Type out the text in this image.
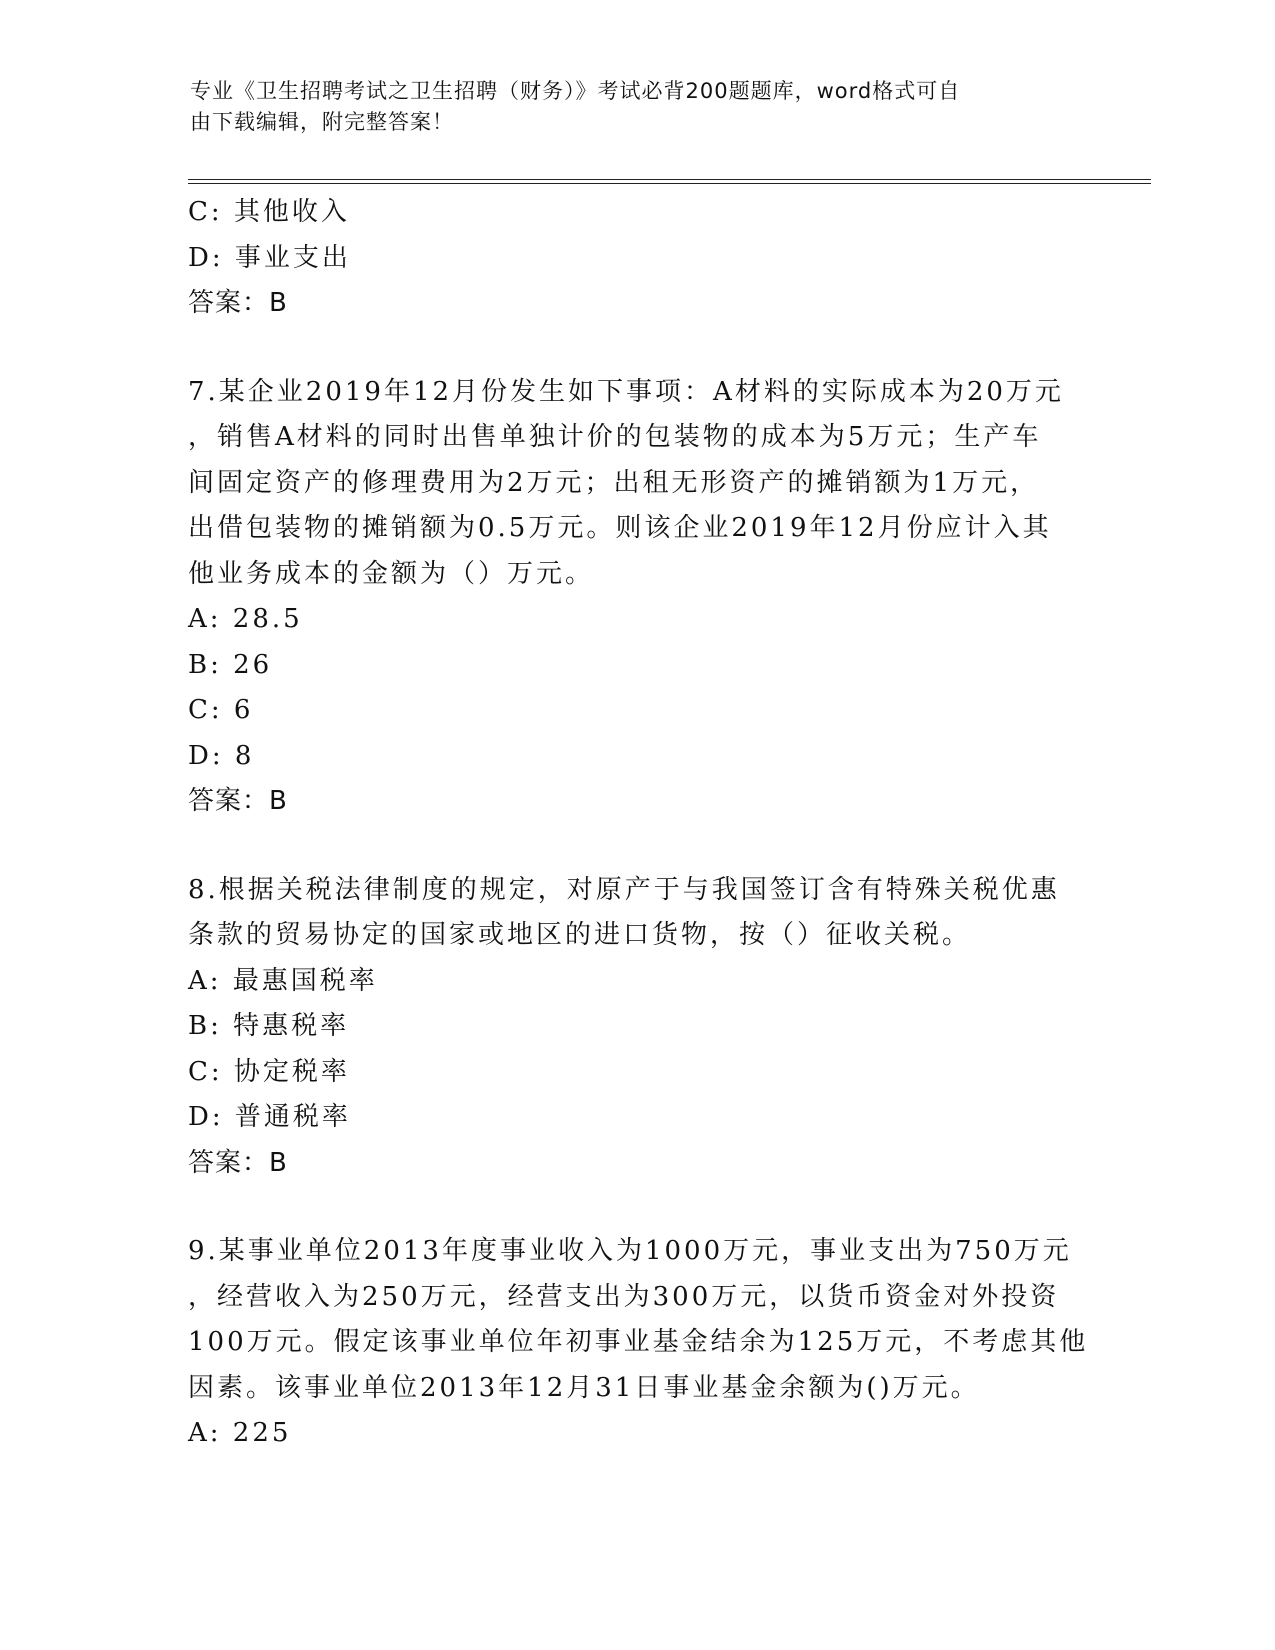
专业《卫生招聘考试之卫生招聘（财务）》考试必背200题题库，word格式可自

由下载编辑，附完整答案！

C: 其他收入

D: 事业支出

答案：B

7.某企业2019年12月份发生如下事项：A材料的实际成本为20万元

，销售A材料的同时出售单独计价的包装物的成本为5万元；生产车

间固定资产的修理费用为2万元；出租无形资产的摊销额为1万元，

出借包装物的摊销额为0.5万元。则该企业2019年12月份应计入其

他业务成本的金额为（）万元。

A: 28.5

B: 26

C: 6

D: 8

答案：B

8.根据关税法律制度的规定，对原产于与我国签订含有特殊关税优惠

条款的贸易协定的国家或地区的进口货物，按（）征收关税。

A: 最惠国税率

B: 特惠税率

C: 协定税率

D: 普通税率

答案：B

9.某事业单位2013年度事业收入为1000万元，事业支出为750万元

，经营收入为250万元，经营支出为300万元，以货币资金对外投资

100万元。假定该事业单位年初事业基金结余为125万元，不考虑其他

因素。该事业单位2013年12月31日事业基金余额为()万元。

A: 225
